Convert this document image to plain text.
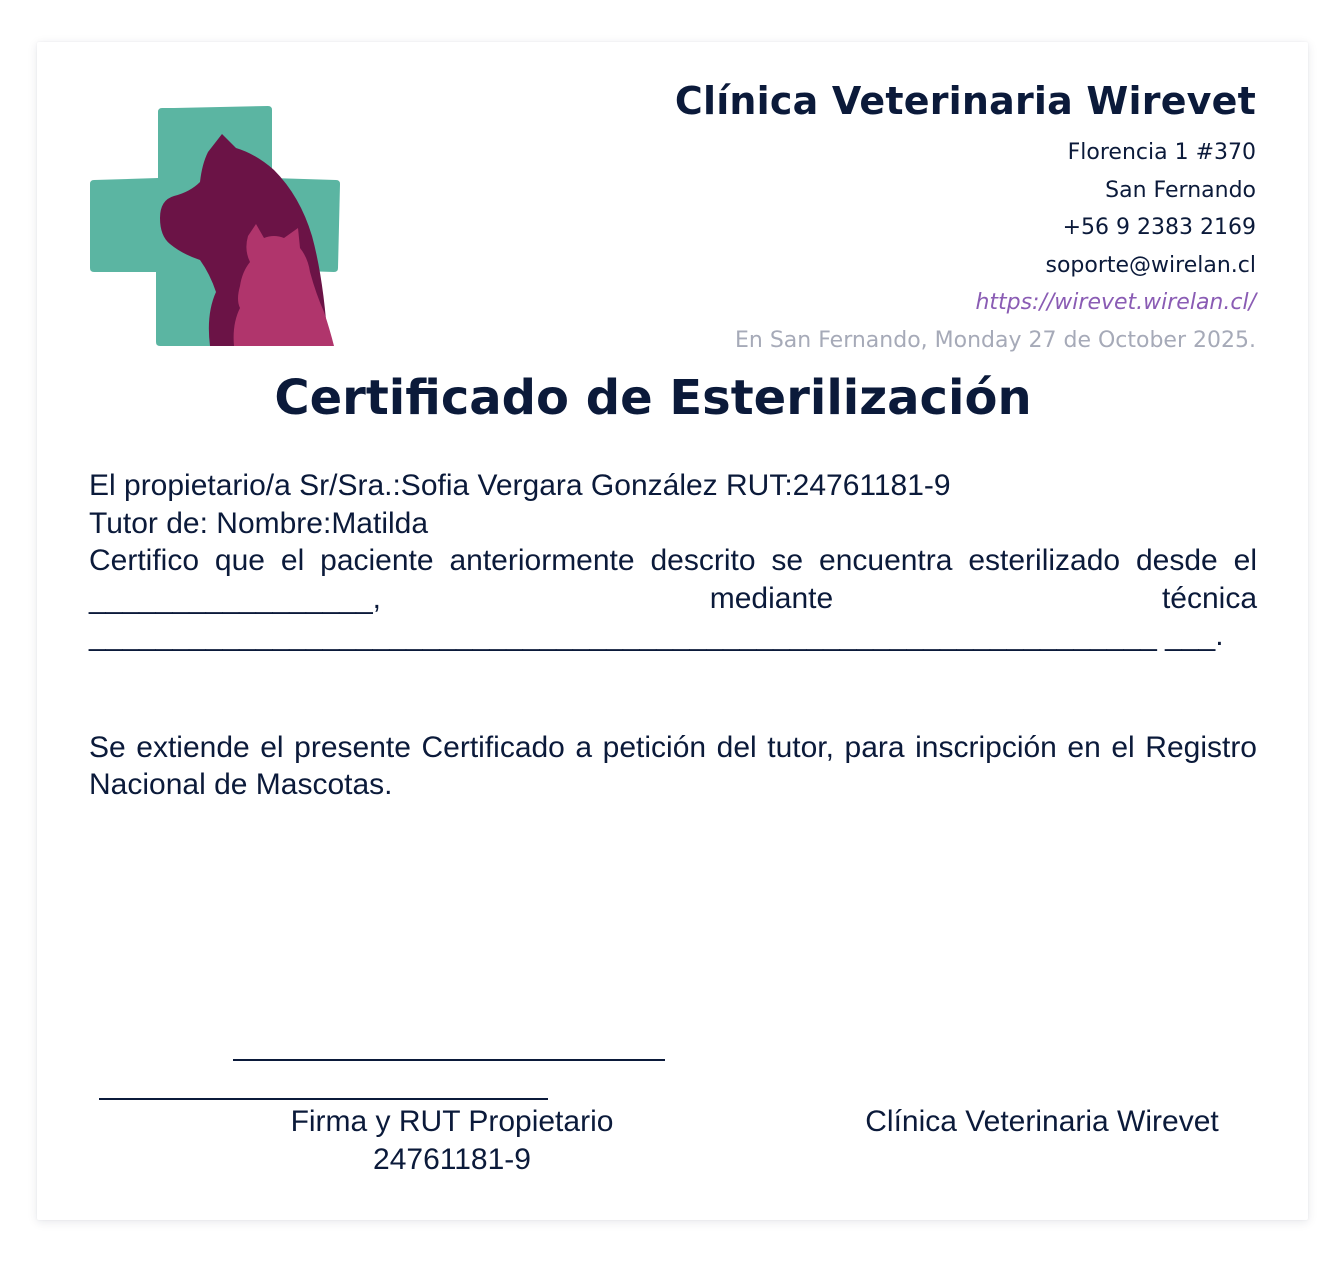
Clínica Veterinaria Wirevet
Florencia 1 #370
San Fernando
+56 9 2383 2169
soporte@wirelan.cl
https://wirevet.wirelan.cl/
En San Fernando, Monday 27 de October 2025.
Certificado de Esterilización

El propietario/a Sr/Sra.:Sofia Vergara González RUT:24761181-9

Tutor de: Nombre:Matilda

Certifico que el paciente anteriormente descrito se encuentra esterilizado desde el _________________, mediante técnica ________________________________________________________________ ___.

Se extiende el presente Certificado a petición del tutor, para inscripción en el Registro Nacional de Mascotas.

Firma y RUT Propietario
24761181-9
Clínica Veterinaria Wirevet
